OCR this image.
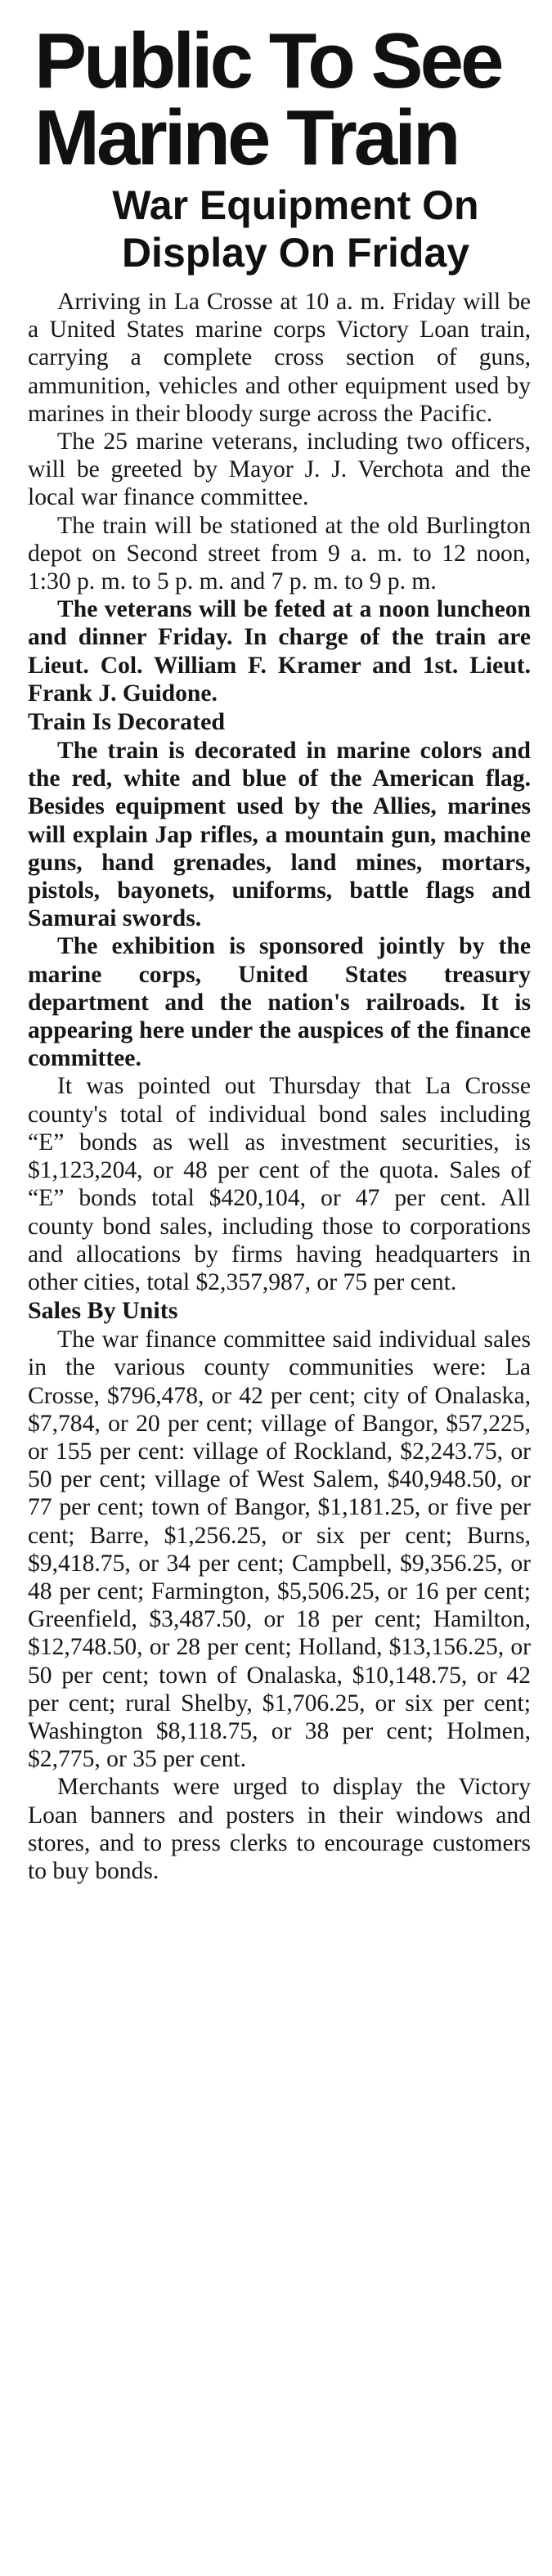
Public To See
Marine Train
War Equipment On
Display On Friday

Arriving in La Crosse at 10 a. m. Friday will be a United States marine corps Victory Loan train, carrying a complete cross section of guns, ammunition, vehicles and other equipment used by marines in their bloody surge across the Pacific.

The 25 marine veterans, including two officers, will be greeted by Mayor J. J. Verchota and the local war finance committee.

The train will be stationed at the old Burlington depot on Second street from 9 a. m. to 12 noon, 1:30 p. m. to 5 p. m. and 7 p. m. to 9 p. m.

The veterans will be feted at a noon luncheon and dinner Friday. In charge of the train are Lieut. Col. William F. Kramer and 1st. Lieut. Frank J. Guidone.

Train Is Decorated

The train is decorated in marine colors and the red, white and blue of the American flag. Besides equipment used by the Allies, marines will explain Jap rifles, a mountain gun, machine guns, hand grenades, land mines, mortars, pistols, bayonets, uniforms, battle flags and Samurai swords.

The exhibition is sponsored jointly by the marine corps, United States treasury department and the nation's railroads. It is appearing here under the auspices of the finance committee.

It was pointed out Thursday that La Crosse county's total of individual bond sales including “E” bonds as well as investment securities, is $1,123,204, or 48 per cent of the quota. Sales of “E” bonds total $420,104, or 47 per cent. All county bond sales, including those to corporations and allocations by firms having headquarters in other cities, total $2,357,987, or 75 per cent.

Sales By Units

The war finance committee said individual sales in the various county communities were: La Crosse, $796,478, or 42 per cent; city of Onalaska, $7,784, or 20 per cent; village of Bangor, $57,225, or 155 per cent: village of Rockland, $2,243.75, or 50 per cent; village of West Salem, $40,948.50, or 77 per cent; town of Bangor, $1,181.25, or five per cent; Barre, $1,256.25, or six per cent; Burns, $9,418.75, or 34 per cent; Campbell, $9,356.25, or 48 per cent; Farmington, $5,506.25, or 16 per cent; Greenfield, $3,487.50, or 18 per cent; Hamilton, $12,748.50, or 28 per cent; Holland, $13,156.25, or 50 per cent; town of Onalaska, $10,148.75, or 42 per cent; rural Shelby, $1,706.25, or six per cent; Washington $8,118.75, or 38 per cent; Holmen, $2,775, or 35 per cent.

Merchants were urged to display the Victory Loan banners and posters in their windows and stores, and to press clerks to encourage customers to buy bonds.
